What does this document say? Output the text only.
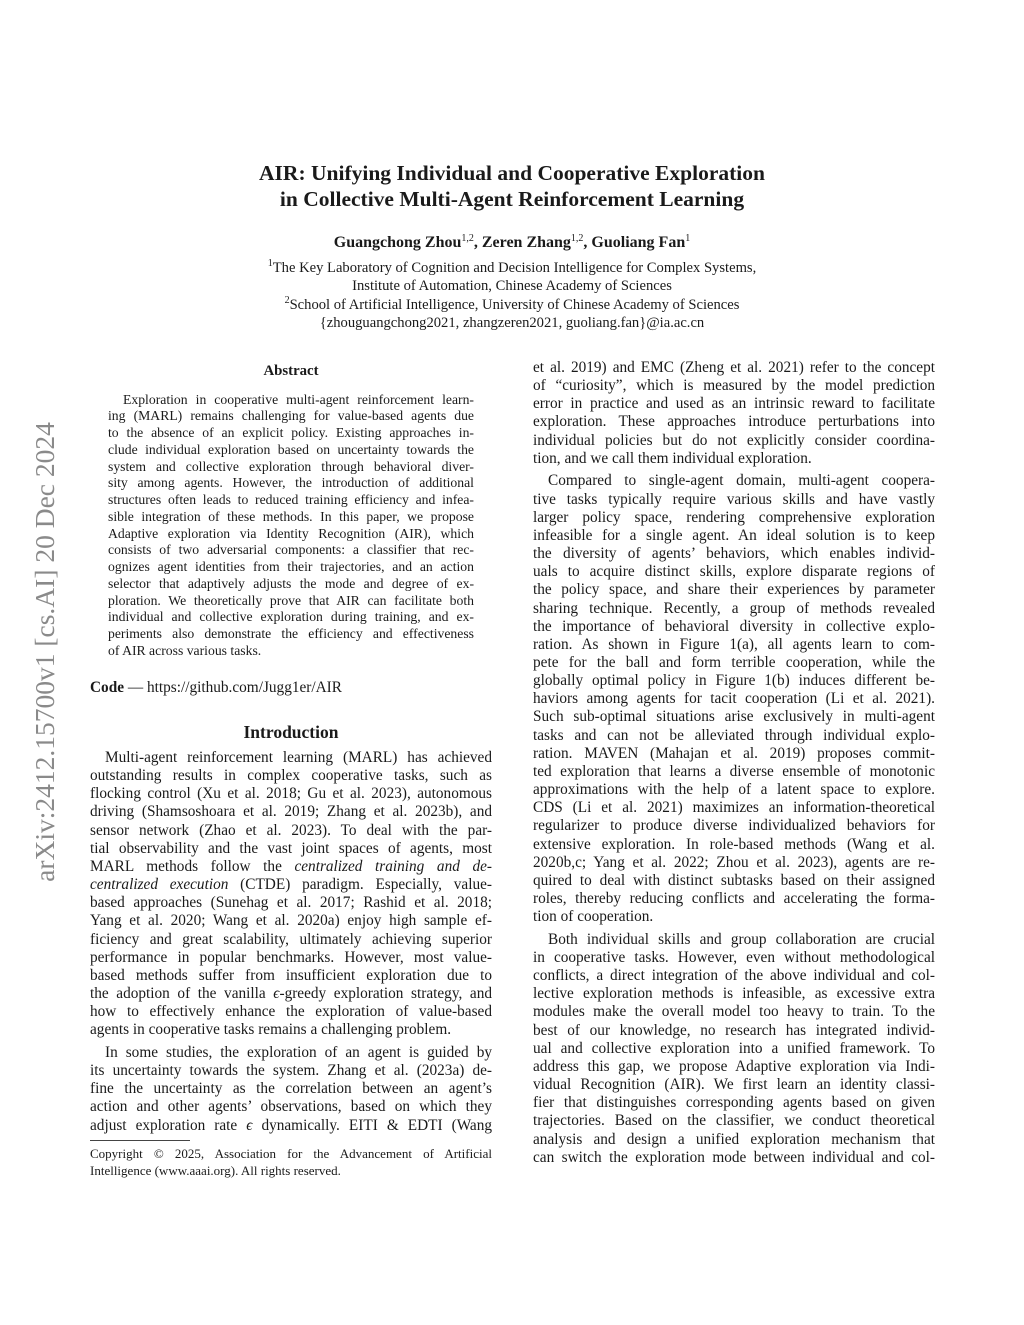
arXiv:2412.15700v1 [cs.AI] 20 Dec 2024
AIR: Unifying Individual and Cooperative Exploration
in Collective Multi-Agent Reinforcement Learning
Guangchong Zhou$^{1,2}$, Zeren Zhang$^{1,2}$, Guoliang Fan$^1$
$^1$The Key Laboratory of Cognition and Decision Intelligence for Complex Systems,
Institute of Automation, Chinese Academy of Sciences
$^2$School of Artificial Intelligence, University of Chinese Academy of Sciences
{zhouguangchong2021, zhangzeren2021, guoliang.fan}@ia.ac.cn
Abstract
Exploration in cooperative multi-agent reinforcement learn-
ing (MARL) remains challenging for value-based agents due
to the absence of an explicit policy. Existing approaches in-
clude individual exploration based on uncertainty towards the
system and collective exploration through behavioral diver-
sity among agents. However, the introduction of additional
structures often leads to reduced training efficiency and infea-
sible integration of these methods. In this paper, we propose
Adaptive exploration via Identity Recognition (AIR), which
consists of two adversarial components: a classifier that rec-
ognizes agent identities from their trajectories, and an action
selector that adaptively adjusts the mode and degree of ex-
ploration. We theoretically prove that AIR can facilitate both
individual and collective exploration during training, and ex-
periments also demonstrate the efficiency and effectiveness
of AIR across various tasks.
Code — https://github.com/Jugg1er/AIR
Introduction
Multi-agent reinforcement learning (MARL) has achieved
outstanding results in complex cooperative tasks, such as
flocking control (Xu et al. 2018; Gu et al. 2023), autonomous
driving (Shamsoshoara et al. 2019; Zhang et al. 2023b), and
sensor network (Zhao et al. 2023). To deal with the par-
tial observability and the vast joint spaces of agents, most
MARL methods follow the centralized training and de-
centralized execution (CTDE) paradigm. Especially, value-
based approaches (Sunehag et al. 2017; Rashid et al. 2018;
Yang et al. 2020; Wang et al. 2020a) enjoy high sample ef-
ficiency and great scalability, ultimately achieving superior
performance in popular benchmarks. However, most value-
based methods suffer from insufficient exploration due to
the adoption of the vanilla ϵ-greedy exploration strategy, and
how to effectively enhance the exploration of value-based
agents in cooperative tasks remains a challenging problem.
In some studies, the exploration of an agent is guided by
its uncertainty towards the system. Zhang et al. (2023a) de-
fine the uncertainty as the correlation between an agent’s
action and other agents’ observations, based on which they
adjust exploration rate ϵ dynamically. EITI & EDTI (Wang
Copyright © 2025, Association for the Advancement of Artificial
Intelligence (www.aaai.org). All rights reserved.
et al. 2019) and EMC (Zheng et al. 2021) refer to the concept
of “curiosity”, which is measured by the model prediction
error in practice and used as an intrinsic reward to facilitate
exploration. These approaches introduce perturbations into
individual policies but do not explicitly consider coordina-
tion, and we call them individual exploration.
Compared to single-agent domain, multi-agent coopera-
tive tasks typically require various skills and have vastly
larger policy space, rendering comprehensive exploration
infeasible for a single agent. An ideal solution is to keep
the diversity of agents’ behaviors, which enables individ-
uals to acquire distinct skills, explore disparate regions of
the policy space, and share their experiences by parameter
sharing technique. Recently, a group of methods revealed
the importance of behavioral diversity in collective explo-
ration. As shown in Figure 1(a), all agents learn to com-
pete for the ball and form terrible cooperation, while the
globally optimal policy in Figure 1(b) induces different be-
haviors among agents for tacit cooperation (Li et al. 2021).
Such sub-optimal situations arise exclusively in multi-agent
tasks and can not be alleviated through individual explo-
ration. MAVEN (Mahajan et al. 2019) proposes commit-
ted exploration that learns a diverse ensemble of monotonic
approximations with the help of a latent space to explore.
CDS (Li et al. 2021) maximizes an information-theoretical
regularizer to produce diverse individualized behaviors for
extensive exploration. In role-based methods (Wang et al.
2020b,c; Yang et al. 2022; Zhou et al. 2023), agents are re-
quired to deal with distinct subtasks based on their assigned
roles, thereby reducing conflicts and accelerating the forma-
tion of cooperation.
Both individual skills and group collaboration are crucial
in cooperative tasks. However, even without methodological
conflicts, a direct integration of the above individual and col-
lective exploration methods is infeasible, as excessive extra
modules make the overall model too heavy to train. To the
best of our knowledge, no research has integrated individ-
ual and collective exploration into a unified framework. To
address this gap, we propose Adaptive exploration via Indi-
vidual Recognition (AIR). We first learn an identity classi-
fier that distinguishes corresponding agents based on given
trajectories. Based on the classifier, we conduct theoretical
analysis and design a unified exploration mechanism that
can switch the exploration mode between individual and col-
